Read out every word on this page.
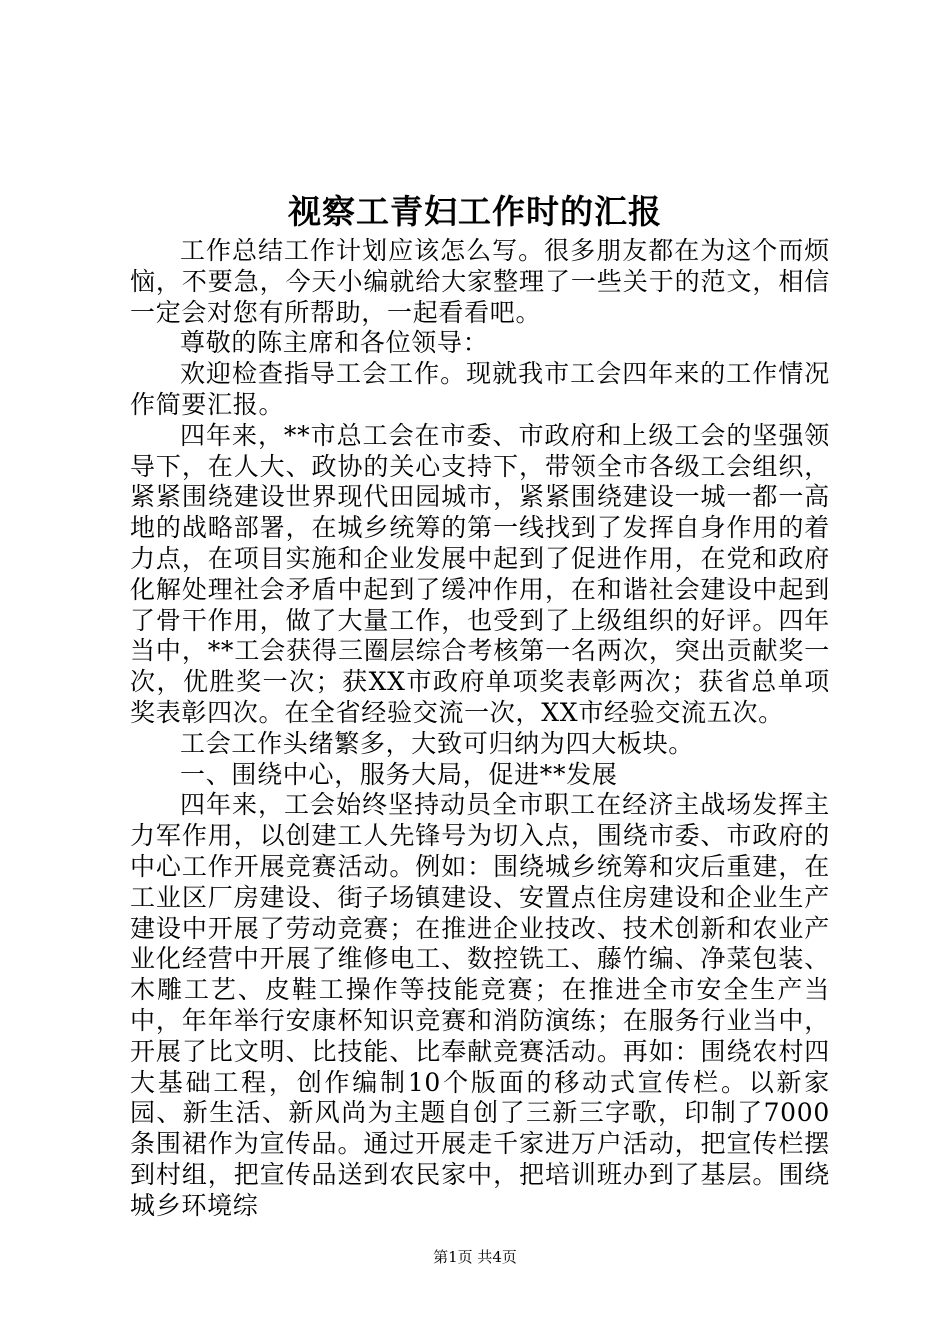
视察工青妇工作时的汇报

工作总结工作计划应该怎么写。很多朋友都在为这个而烦恼，不要急，今天小编就给大家整理了一些关于的范文，相信一定会对您有所帮助，一起看看吧。

尊敬的陈主席和各位领导：

欢迎检查指导工会工作。现就我市工会四年来的工作情况作简要汇报。

四年来，**市总工会在市委、市政府和上级工会的坚强领导下，在人大、政协的关心支持下，带领全市各级工会组织，紧紧围绕建设世界现代田园城市，紧紧围绕建设一城一都一高地的战略部署，在城乡统筹的第一线找到了发挥自身作用的着力点，在项目实施和企业发展中起到了促进作用，在党和政府化解处理社会矛盾中起到了缓冲作用，在和谐社会建设中起到了骨干作用，做了大量工作，也受到了上级组织的好评。四年当中，**工会获得三圈层综合考核第一名两次，突出贡献奖一次，优胜奖一次；获XX市政府单项奖表彰两次；获省总单项奖表彰四次。在全省经验交流一次，XX市经验交流五次。

工会工作头绪繁多，大致可归纳为四大板块。

一、围绕中心，服务大局，促进**发展

四年来，工会始终坚持动员全市职工在经济主战场发挥主力军作用，以创建工人先锋号为切入点，围绕市委、市政府的中心工作开展竞赛活动。例如：围绕城乡统筹和灾后重建，在工业区厂房建设、街子场镇建设、安置点住房建设和企业生产建设中开展了劳动竞赛；在推进企业技改、技术创新和农业产业化经营中开展了维修电工、数控铣工、藤竹编、净菜包装、木雕工艺、皮鞋工操作等技能竞赛；在推进全市安全生产当中，年年举行安康杯知识竞赛和消防演练；在服务行业当中，开展了比文明、比技能、比奉献竞赛活动。再如：围绕农村四大基础工程，创作编制10个版面的移动式宣传栏。以新家园、新生活、新风尚为主题自创了三新三字歌，印制了7000条围裙作为宣传品。通过开展走千家进万户活动，把宣传栏摆到村组，把宣传品送到农民家中，把培训班办到了基层。围绕城乡环境综

第1页 共4页
